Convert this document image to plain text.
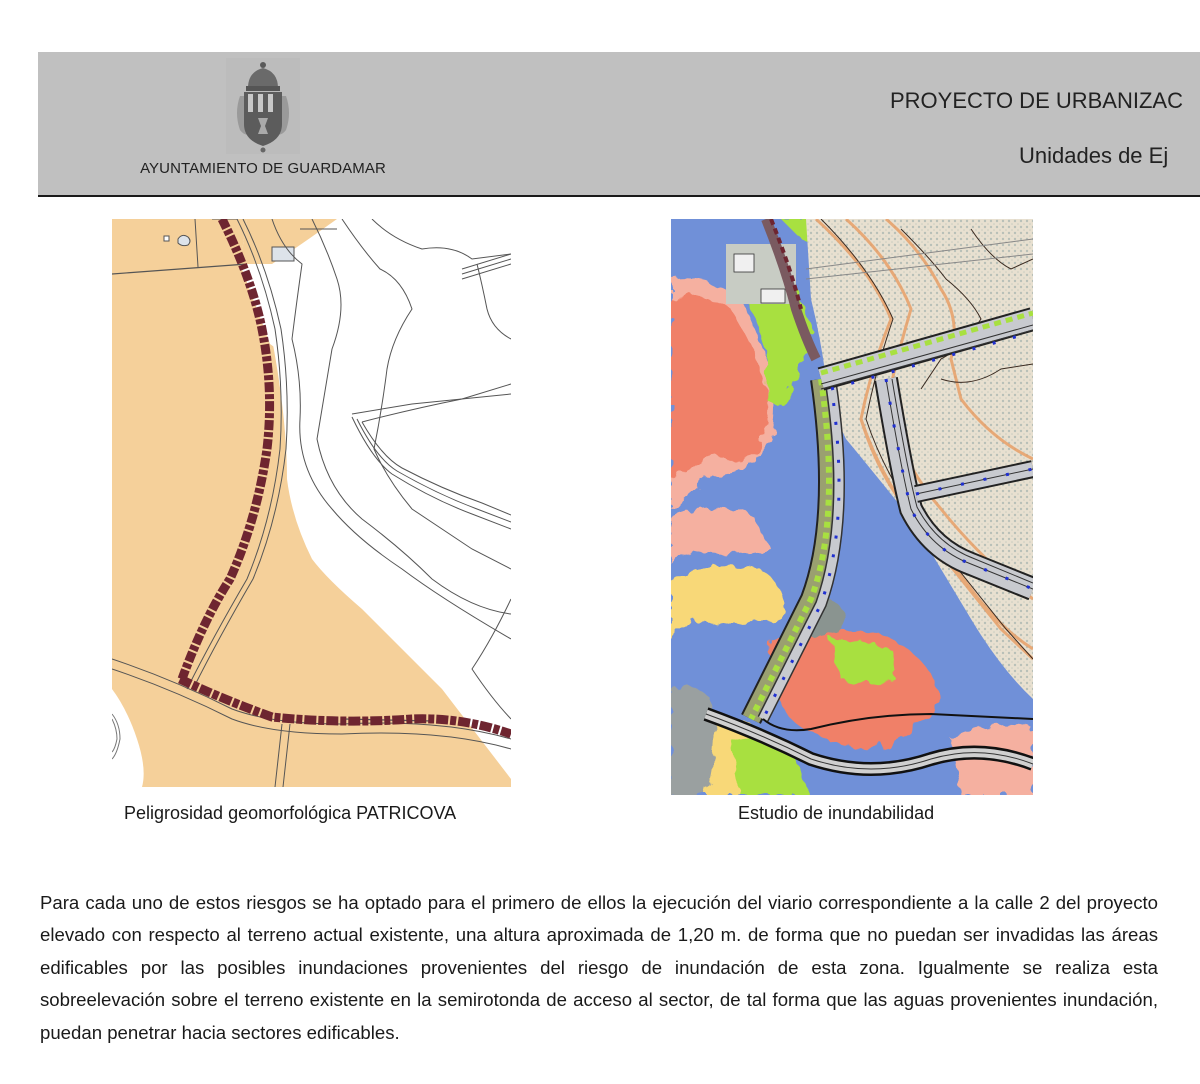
AYUNTAMIENTO DE GUARDAMAR
PROYECTO DE URBANIZAC
Unidades de Ej
Peligrosidad geomorfológica PATRICOVA	Estudio de inundabilidad

Para cada uno de estos riesgos se ha optado para el primero de ellos la ejecución del viario correspondiente a la calle 2 del proyecto elevado con respecto al terreno actual existente, una altura aproximada de 1,20 m. de forma que no puedan ser invadidas las áreas edificables por las posibles inundaciones provenientes del riesgo de inundación de esta zona. Igualmente se realiza esta sobreelevación sobre el terreno existente en la semirotonda de acceso al sector, de tal forma que las aguas provenientes inundación, puedan penetrar hacia sectores edificables.
